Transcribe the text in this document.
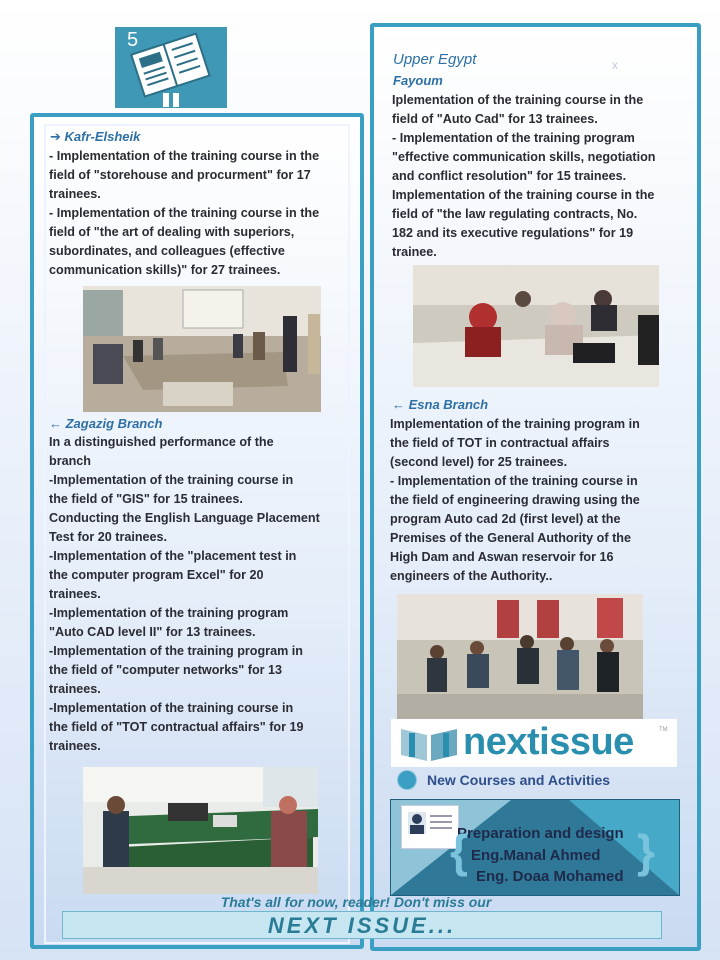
5
➔ Kafr-Elsheik
- Implementation of the training course in the
field of "storehouse and procurment" for 17
trainees.
- Implementation of the training course in the
field of "the art of dealing with superiors,
subordinates, and colleagues (effective
communication skills)" for 27 trainees.
← Zagazig Branch
In a distinguished performance of the
branch
-Implementation of the training course in
the field of "GIS" for 15 trainees.
Conducting the English Language Placement
Test for 20 trainees.
-Implementation of the "placement test in
the computer program Excel" for 20
trainees.
-Implementation of the training program
"Auto CAD level II" for 13 trainees.
-Implementation of the training program in
the field of "computer networks" for 13
trainees.
-Implementation of the training course in
the field of "TOT contractual affairs" for 19
trainees.
x
Upper Egypt
Fayoum
Iplementation of the training course in the
field of "Auto Cad" for 13 trainees.
- Implementation of the training program
"effective communication skills, negotiation
and conflict resolution" for 15 trainees.
Implementation of the training course in the
field of "the law regulating contracts, No.
182 and its executive regulations" for 19
trainee.
← Esna Branch
Implementation of the training program in
the field of TOT in contractual affairs
(second level) for 25 trainees.
- Implementation of the training course in
the field of engineering drawing using the
program Auto cad 2d (first level) at the
Premises of the General Authority of the
High Dam and Aswan reservoir for 16
engineers of the Authority..
nextissue	TM
New Courses and Activities
Preparation and design
{ Eng.Manal Ahmed
Eng. Doaa Mohamed }
That's all for now, reader! Don't miss our
NEXT ISSUE...
